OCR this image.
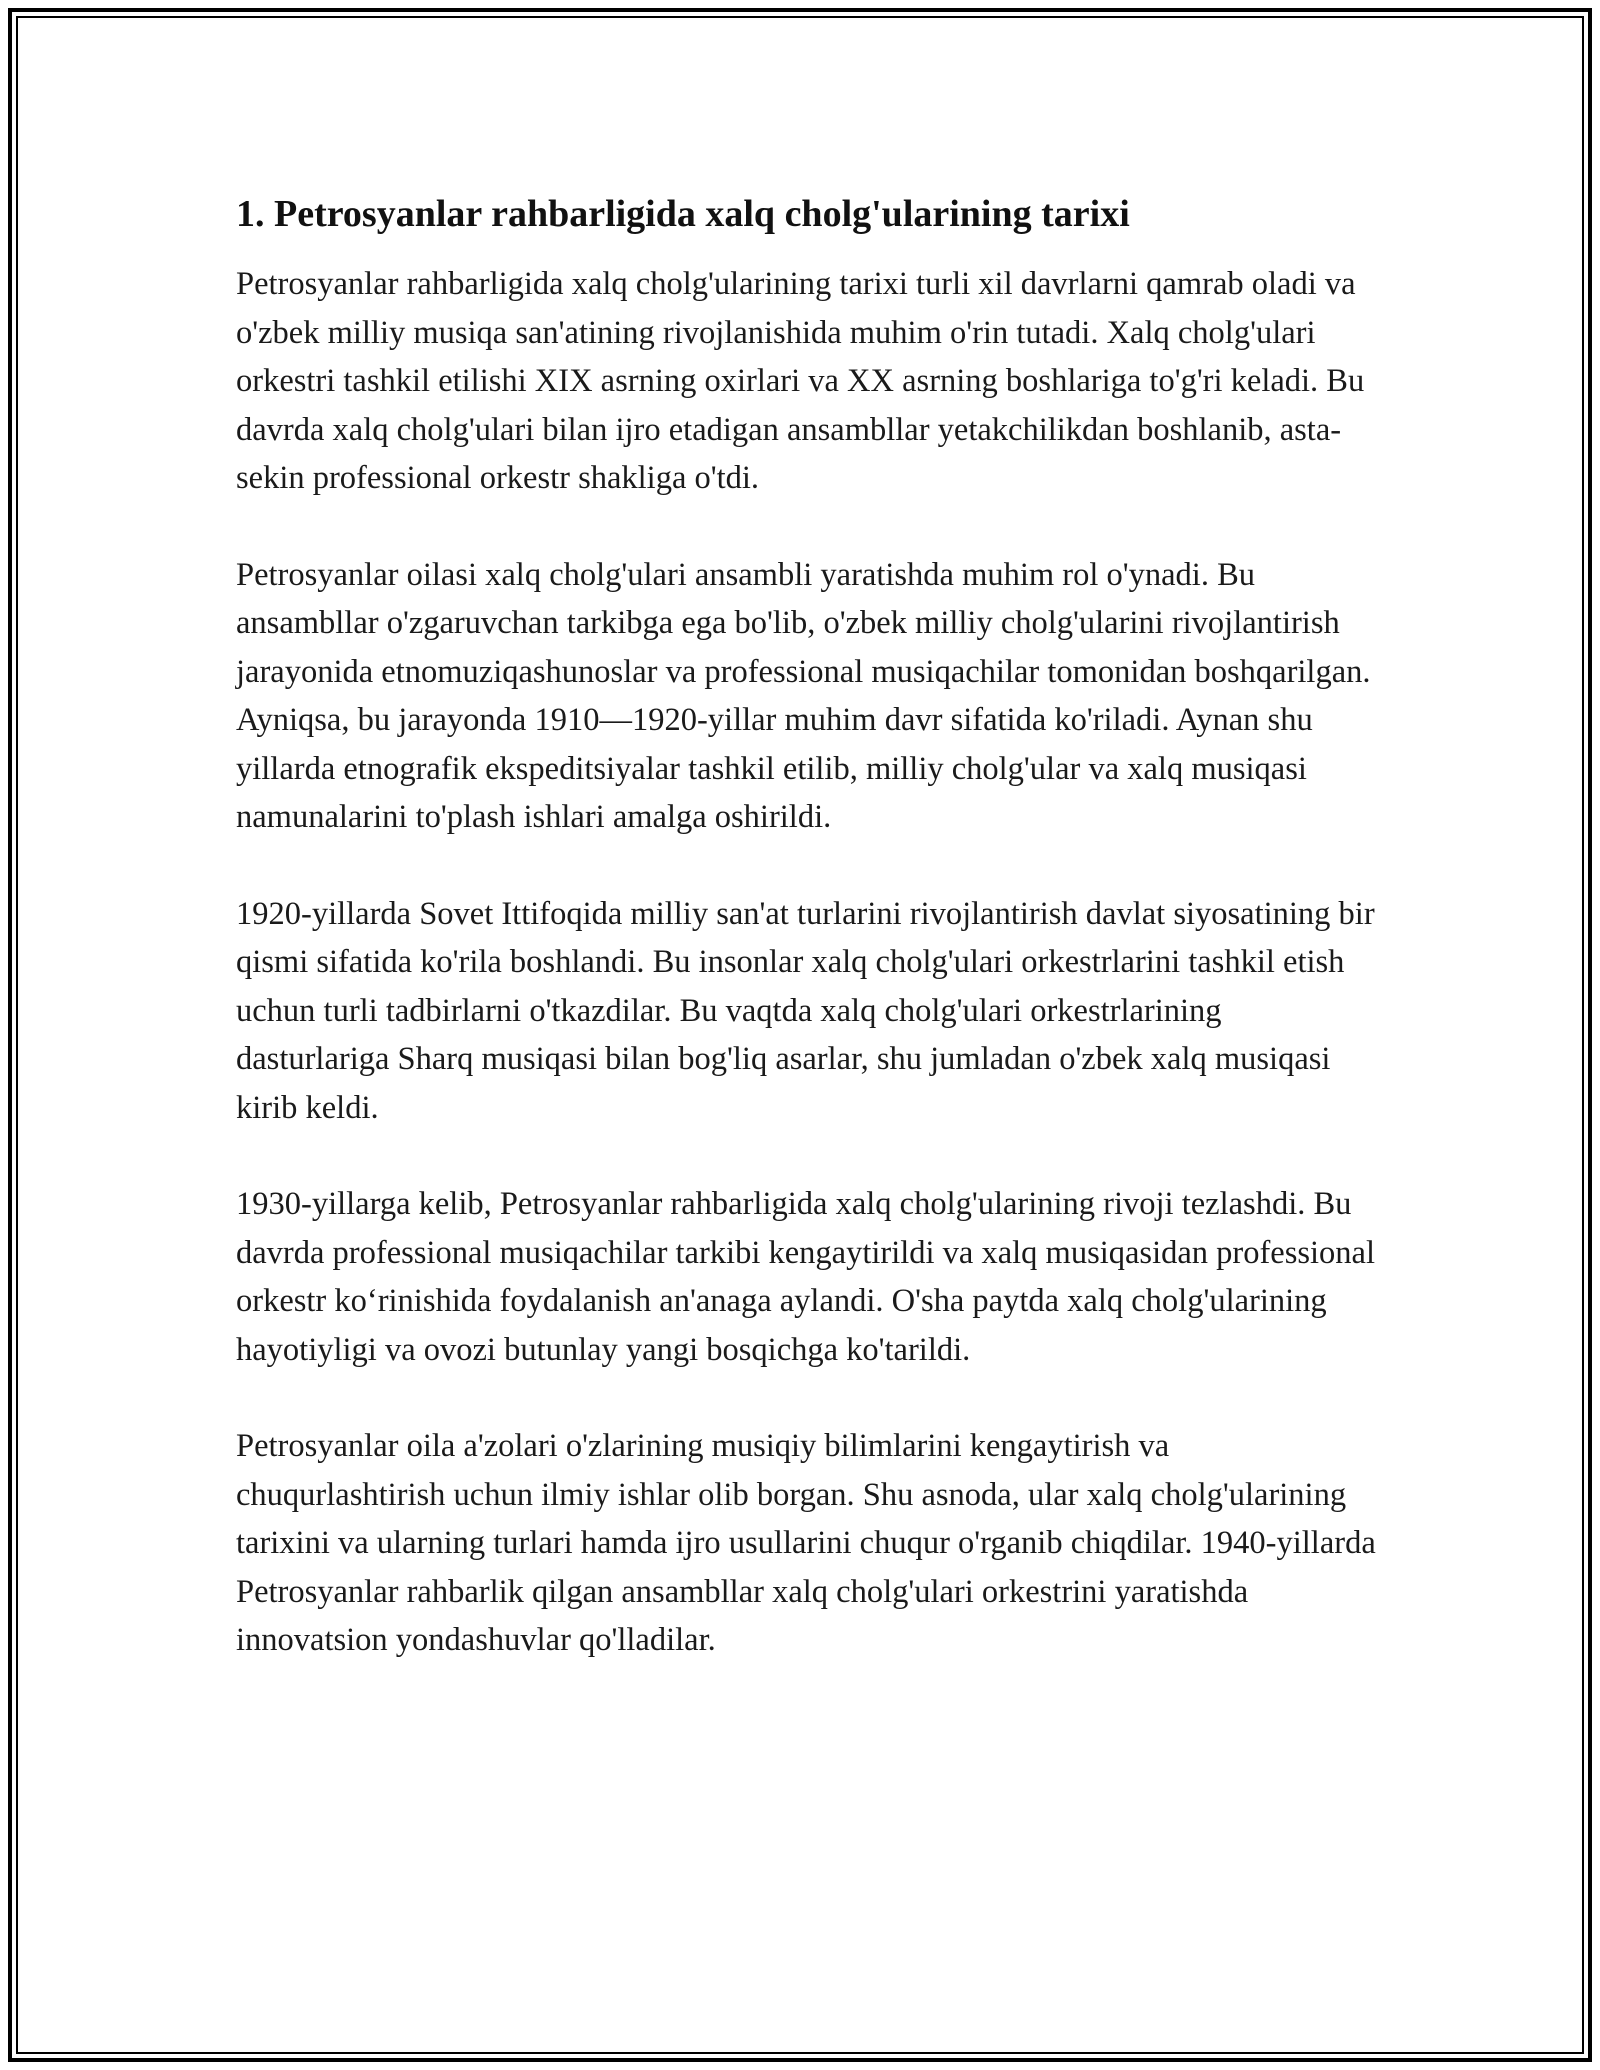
1. Petrosyanlar rahbarligida xalq cholg'ularining tarixi

Petrosyanlar rahbarligida xalq cholg'ularining tarixi turli xil davrlarni qamrab oladi va o'zbek milliy musiqa san'atining rivojlanishida muhim o'rin tutadi. Xalq cholg'ulari orkestri tashkil etilishi XIX asrning oxirlari va XX asrning boshlariga to'g'ri keladi. Bu davrda xalq cholg'ulari bilan ijro etadigan ansambllar yetakchilikdan boshlanib, asta-sekin professional orkestr shakliga o'tdi.

Petrosyanlar oilasi xalq cholg'ulari ansambli yaratishda muhim rol o'ynadi. Bu ansambllar o'zgaruvchan tarkibga ega bo'lib, o'zbek milliy cholg'ularini rivojlantirish jarayonida etnomuziqashunoslar va professional musiqachilar tomonidan boshqarilgan. Ayniqsa, bu jarayonda 1910—1920-yillar muhim davr sifatida ko'riladi. Aynan shu yillarda etnografik ekspeditsiyalar tashkil etilib, milliy cholg'ular va xalq musiqasi namunalarini to'plash ishlari amalga oshirildi.

1920-yillarda Sovet Ittifoqida milliy san'at turlarini rivojlantirish davlat siyosatining bir qismi sifatida ko'rila boshlandi. Bu insonlar xalq cholg'ulari orkestrlarini tashkil etish uchun turli tadbirlarni o'tkazdilar. Bu vaqtda xalq cholg'ulari orkestrlarining dasturlariga Sharq musiqasi bilan bog'liq asarlar, shu jumladan o'zbek xalq musiqasi kirib keldi.

1930-yillarga kelib, Petrosyanlar rahbarligida xalq cholg'ularining rivoji tezlashdi. Bu davrda professional musiqachilar tarkibi kengaytirildi va xalq musiqasidan professional orkestr ko‘rinishida foydalanish an'anaga aylandi. O'sha paytda xalq cholg'ularining hayotiyligi va ovozi butunlay yangi bosqichga ko'tarildi.

Petrosyanlar oila a'zolari o'zlarining musiqiy bilimlarini kengaytirish va chuqurlashtirish uchun ilmiy ishlar olib borgan. Shu asnoda, ular xalq cholg'ularining tarixini va ularning turlari hamda ijro usullarini chuqur o'rganib chiqdilar. 1940-yillarda Petrosyanlar rahbarlik qilgan ansambllar xalq cholg'ulari orkestrini yaratishda innovatsion yondashuvlar qo'lladilar.
